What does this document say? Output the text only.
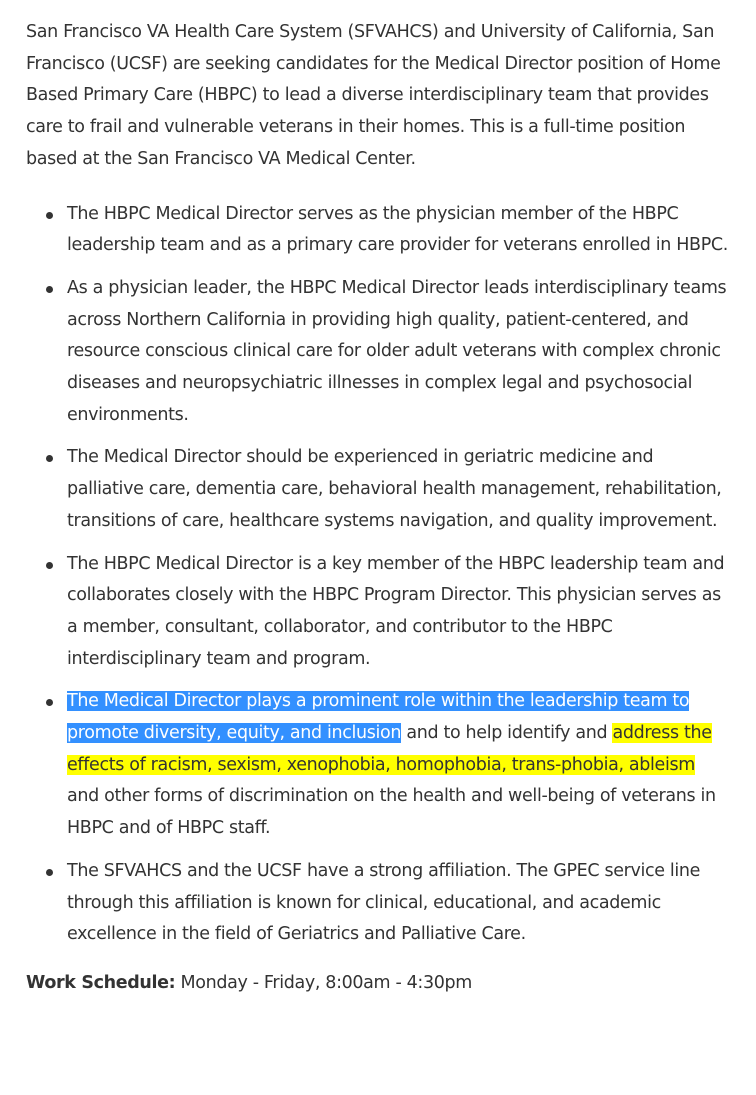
San Francisco VA Health Care System (SFVAHCS) and University of California, San Francisco (UCSF) are seeking candidates for the Medical Director position of Home Based Primary Care (HBPC) to lead a diverse interdisciplinary team that provides care to frail and vulnerable veterans in their homes. This is a full-time position based at the San Francisco VA Medical Center.

The HBPC Medical Director serves as the physician member of the HBPC leadership team and as a primary care provider for veterans enrolled in HBPC.
As a physician leader, the HBPC Medical Director leads interdisciplinary teams across Northern California in providing high quality, patient-centered, and resource conscious clinical care for older adult veterans with complex chronic diseases and neuropsychiatric illnesses in complex legal and psychosocial environments.
The Medical Director should be experienced in geriatric medicine and palliative care, dementia care, behavioral health management, rehabilitation, transitions of care, healthcare systems navigation, and quality improvement.
The HBPC Medical Director is a key member of the HBPC leadership team and collaborates closely with the HBPC Program Director. This physician serves as a member, consultant, collaborator, and contributor to the HBPC interdisciplinary team and program.
The Medical Director plays a prominent role within the leadership team to promote diversity, equity, and inclusion and to help identify and address the effects of racism, sexism, xenophobia, homophobia, trans-phobia, ableism and other forms of discrimination on the health and well-being of veterans in HBPC and of HBPC staff.
The SFVAHCS and the UCSF have a strong affiliation. The GPEC service line through this affiliation is known for clinical, educational, and academic excellence in the field of Geriatrics and Palliative Care.

Work Schedule: Monday - Friday, 8:00am - 4:30pm
